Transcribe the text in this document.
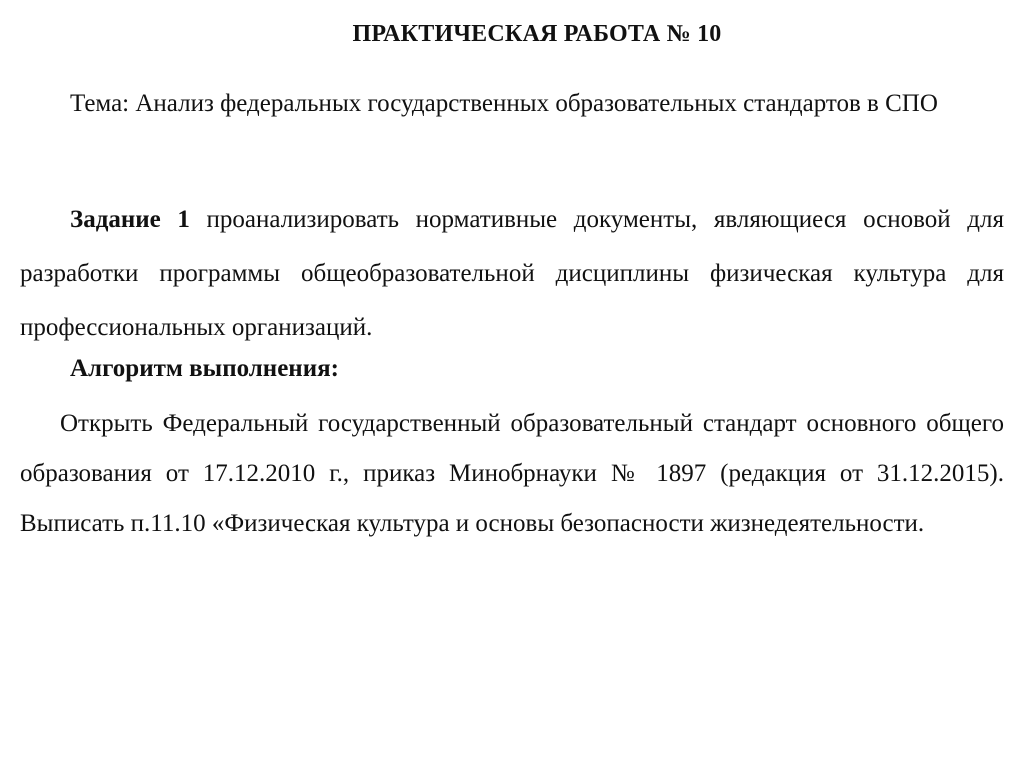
ПРАКТИЧЕСКАЯ РАБОТА № 10

Тема: Анализ федеральных государственных образовательных стандартов в СПО

Задание 1 проанализировать нормативные документы, являющиеся основой для разработки программы общеобразовательной дисциплины физическая культура для профессиональных организаций.

Алгоритм выполнения:

Открыть Федеральный государственный образовательный стандарт основного общего образования от 17.12.2010 г., приказ Минобрнауки № 1897 (редакция от 31.12.2015). Выписать п.11.10 «Физическая культура и основы безопасности жизнедеятельности.
